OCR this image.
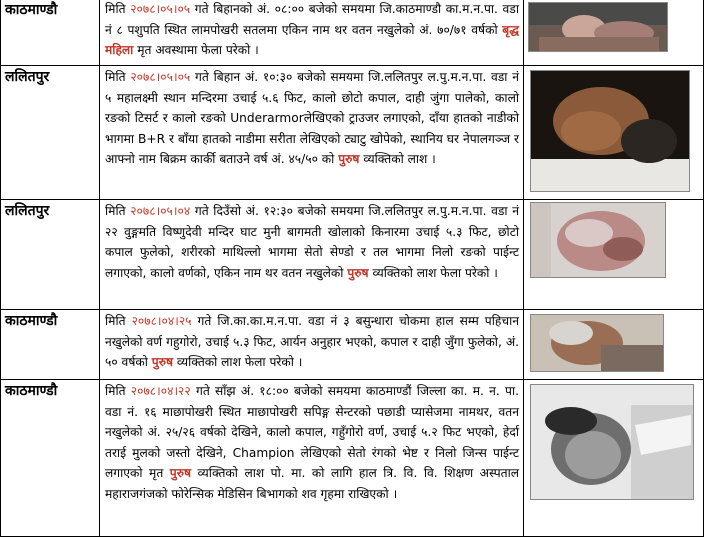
काठमाण्डौ	मिति २०७८।०५।०५ गते बिहानको अं. ०८:०० बजेको समयमा जि.काठमाण्डौ का.म.न.पा. वडा नं ८ पशुपति स्थित लामपोखरी सतलमा एकिन नाम थर वतन नखुलेको अं. ७०/७१ वर्षको बृद्ध महिला मृत अवस्थामा फेला परेको ।
ललितपुर	मिति २०७८।०५।०५ गते बिहान अं. १०:३० बजेको समयमा जि.ललितपुर ल.पु.म.न.पा. वडा नं ५ महालक्ष्मी स्थान मन्दिरमा उचाई ५.६ फिट, कालो छोटो कपाल, दाही जुंगा पालेको, कालो रङको टिसर्ट र कालो रङको Underarmorलेखिएको ट्राउजर लगाएको, दाँया हातको नाडीको भागमा B+R र बाँया हातको नाडीमा सरीता लेखिएको ट्याटु खोपेको, स्थानिय घर नेपालगञ्ज र आफ्नो नाम बिक्रम कार्की बताउने वर्ष अं. ४५/५० को पुरुष व्यक्तिको लाश ।
ललितपुर	मिति २०७८।०५।०४ गते दिउँसो अं. १२:३० बजेको समयमा जि.ललितपुर ल.पु.म.न.पा. वडा नं २२ वुङ्गमति विष्णुदेवी मन्दिर घाट मुनी बागमती खोलाको किनारमा उचाई ५.३ फिट, छोटो कपाल फुलेको, शरीरको माथिल्लो भागमा सेतो सेण्डो र तल भागमा निलो रङको पाईन्ट लगाएको, कालो वर्णको, एकिन नाम थर वतन नखुलेको पुरुष व्यक्तिको लाश फेला परेको ।
काठमाण्डौ	मिति २०७८।०४।२५ गते जि.का.का.म.न.पा. वडा नं ३ बसुन्धारा चोकमा हाल सम्म पहिचान नखुलेको वर्ण गहुगोरो, उचाई ५.३ फिट, आर्यन अनुहार भएको, कपाल र दाही जुँगा फुलेको, अं. ५० वर्षको पुरुष व्यक्तिको लाश फेला परेको ।
काठमाण्डौ	मिति २०७८।०४।२२ गते साँझ अं. १८:०० बजेको समयमा काठमाण्डौं जिल्ला का. म. न. पा. वडा नं. १६ माछापोखरी स्थित माछापोखरी सपिङ्ग सेन्टरको पछाडी प्यासेजमा नामथर, वतन नखुलेको अं. २५/२६ वर्षको देखिने, कालो कपाल, गहुँगोरो वर्ण, उचाई ५.२ फिट भएको, हेर्दा तराई मुलको जस्तो देखिने, Champion लेखिएको सेतो रंगको भेष्ट र निलो जिन्स पाईन्ट लगाएको मृत पुरुष व्यक्तिको लाश पो. मा. को लागि हाल त्रि. वि. वि. शिक्षण अस्पताल महाराजगंजको फोरेन्सिक मेडिसिन बिभागको शव गृहमा राखिएको ।
